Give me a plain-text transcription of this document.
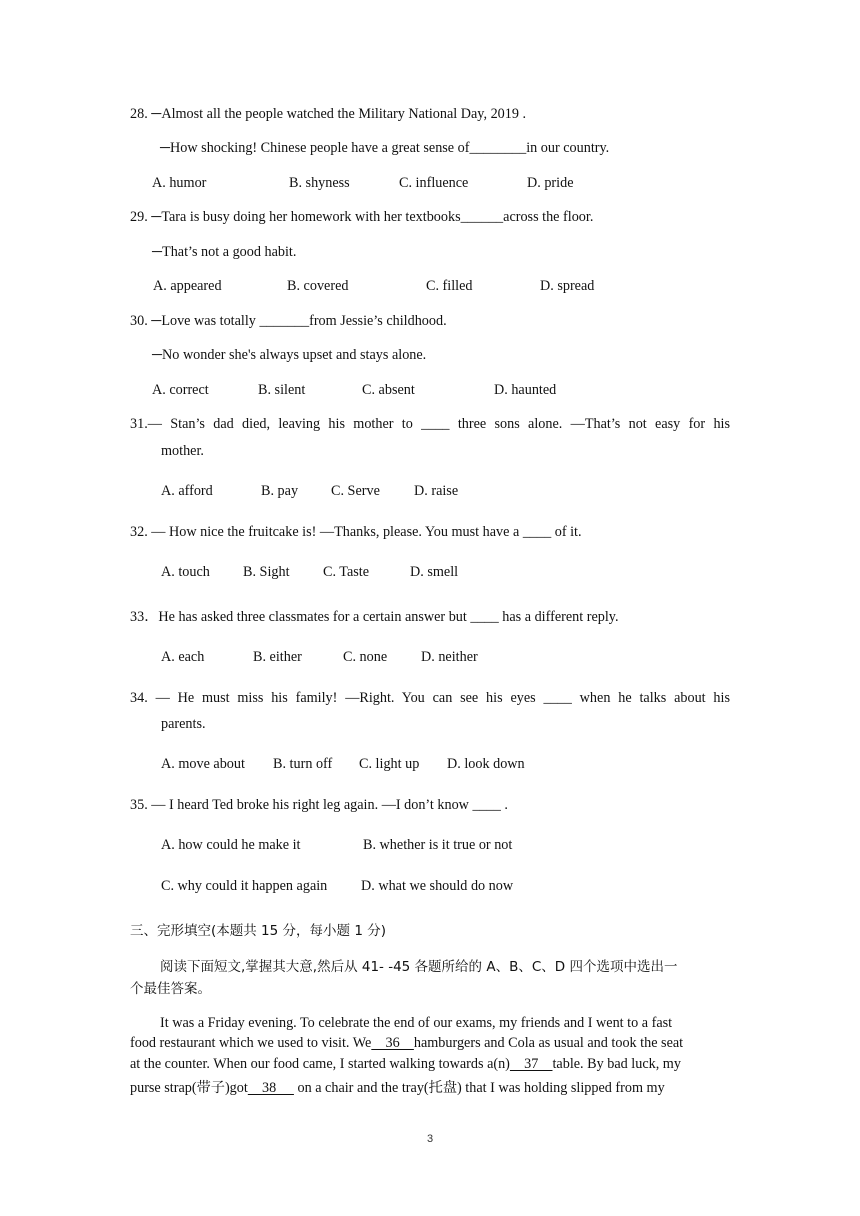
28. ─Almost all the people watched the Military National Day, 2019 .
─How shocking! Chinese people have a great sense of________in our country.
A. humor	B. shyness	C. influence	D. pride
29. ─Tara is busy doing her homework with her textbooks______across the floor.
─That’s not a good habit.
A. appeared	B. covered	C. filled	D. spread
30. ─Love was totally _______from Jessie’s childhood.
─No wonder she's always upset and stays alone.
A. correct	B. silent	C. absent	D. haunted
31.— Stan’s dad died, leaving his mother to ____ three sons alone. —That’s not easy for his
mother.
A. afford	B. pay C. Serve D. raise
32. — How nice the fruitcake is! —Thanks, please. You must have a ____ of it.
A. touch B. Sight C. Taste	D. smell
33．He has asked three classmates for a certain answer but ____ has a different reply.
A. each	B. either	C. none D. neither
34. — He must miss his family! —Right. You can see his eyes ____ when he talks about his
parents.
A. move about B. turn off C. light up D. look down
35. — I heard Ted broke his right leg again. —I don’t know ____ .
A. how could he make it	B. whether is it true or not
C. why could it happen again D. what we should do now
三、完形填空(本题共 15 分，每小题 1 分)
阅读下面短文,掌握其大意,然后从 41- -45 各题所给的 A、B、C、D 四个选项中选出一
个最佳答案。
It was a Friday evening. To celebrate the end of our exams, my friends and I went to a fast
food restaurant which we used to visit. We    36    hamburgers and Cola as usual and took the seat
at the counter. When our food came, I started walking towards a(n)    37    table. By bad luck, my
purse strap(带子)got    38      on a chair and the tray(托盘) that I was holding slipped from my
3
